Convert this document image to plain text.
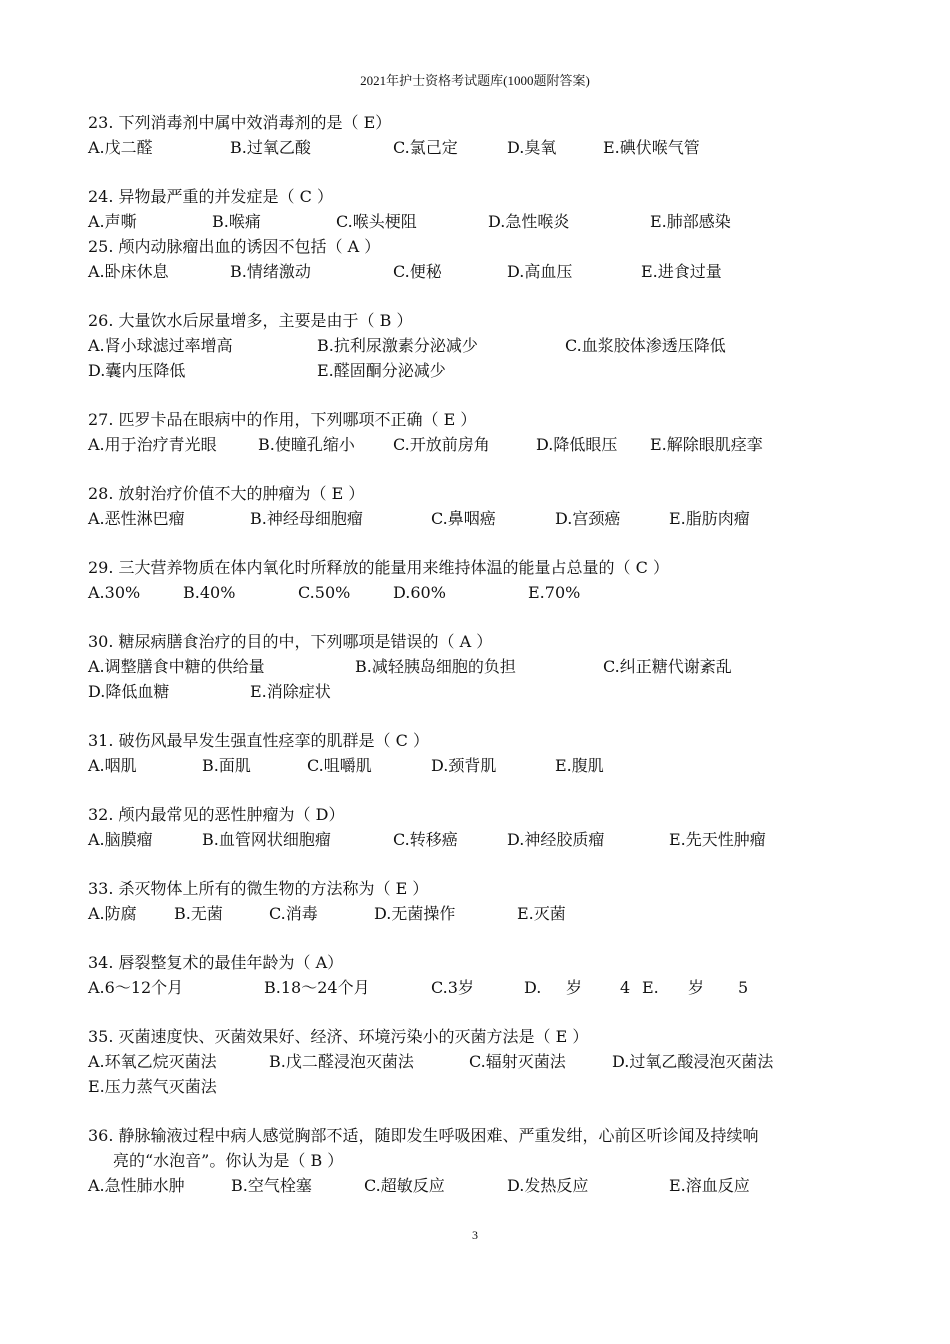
2021年护士资格考试题库(1000题附答案)
23. 下列消毒剂中属中效消毒剂的是（ E）
A.戊二醛	B.过氧乙酸	C.氯己定	D.臭氧	E.碘伏喉气管
24. 异物最严重的并发症是（ C ）
A.声嘶	B.喉痛	C.喉头梗阻	D.急性喉炎	E.肺部感染
25. 颅内动脉瘤出血的诱因不包括（ A ）
A.卧床休息	B.情绪激动	C.便秘	D.高血压	E.进食过量
26. 大量饮水后尿量增多，主要是由于（ B ）
A.肾小球滤过率增高	B.抗利尿激素分泌减少	C.血浆胶体渗透压降低
D.囊内压降低	E.醛固酮分泌减少
27. 匹罗卡品在眼病中的作用，下列哪项不正确（ E ）
A.用于治疗青光眼	B.使瞳孔缩小 C.开放前房角	D.降低眼压 E.解除眼肌痉挛
28. 放射治疗价值不大的肿瘤为（ E ）
A.恶性淋巴瘤	B.神经母细胞瘤	C.鼻咽癌	D.宫颈癌	E.脂肪肉瘤
29. 三大营养物质在体内氧化时所释放的能量用来维持体温的能量占总量的（ C ）
A.30%	B.40%	C.50%	D.60%	E.70%
30. 糖尿病膳食治疗的目的中，下列哪项是错误的（ A ）
A.调整膳食中糖的供给量	B.减轻胰岛细胞的负担	C.纠正糖代谢紊乱
D.降低血糖	E.消除症状
31. 破伤风最早发生强直性痉挛的肌群是（ C ）
A.咽肌	B.面肌	C.咀嚼肌	D.颈背肌	E.腹肌
32. 颅内最常见的恶性肿瘤为（ D）
A.脑膜瘤	B.血管网状细胞瘤	C.转移癌	D.神经胶质瘤	E.先天性肿瘤
33. 杀灭物体上所有的微生物的方法称为（ E ）
A.防腐 B.无菌	C.消毒	D.无菌操作	E.灭菌
34. 唇裂整复术的最佳年龄为（ A）
A.6～12个月	B.18～24个月	C.3岁	D. 岁 4 E. 岁 5
35. 灭菌速度快、灭菌效果好、经济、环境污染小的灭菌方法是（ E ）
A.环氧乙烷灭菌法	B.戊二醛浸泡灭菌法	C.辐射灭菌法	D.过氧乙酸浸泡灭菌法
E.压力蒸气灭菌法
36. 静脉输液过程中病人感觉胸部不适，随即发生呼吸困难、严重发绀，心前区听诊闻及持续响
亮的“水泡音”。你认为是（ B ）
A.急性肺水肿	B.空气栓塞	C.超敏反应	D.发热反应	E.溶血反应
3
